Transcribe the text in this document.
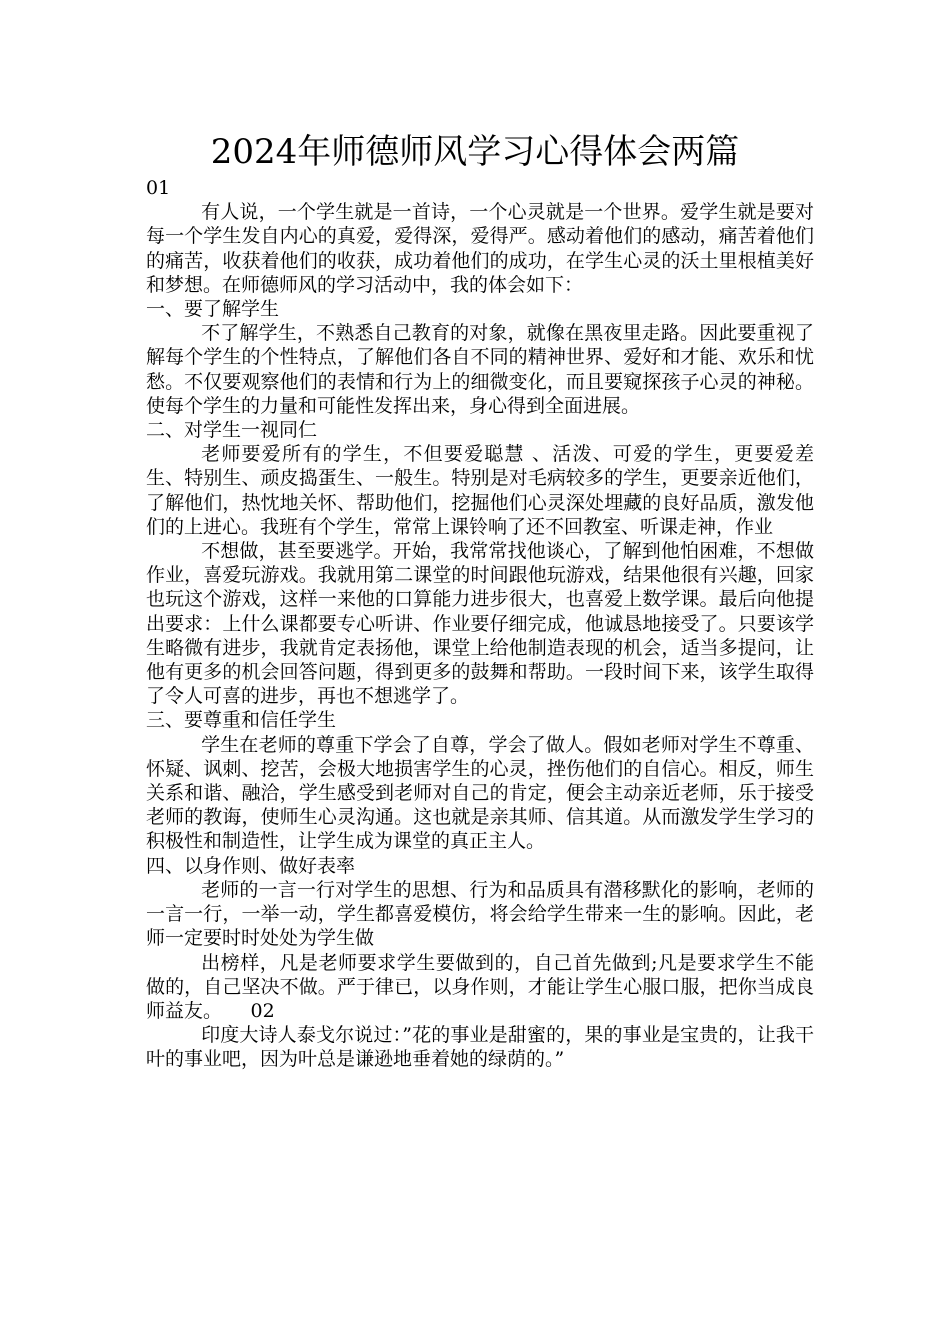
2024年师德师风学习心得体会两篇

01

有人说，一个学生就是一首诗，一个心灵就是一个世界。爱学生就是要对每一个学生发自内心的真爱，爱得深，爱得严。感动着他们的感动，痛苦着他们的痛苦，收获着他们的收获，成功着他们的成功，在学生心灵的沃土里根植美好和梦想。在师德师风的学习活动中，我的体会如下：

一、要了解学生

不了解学生，不熟悉自己教育的对象，就像在黑夜里走路。因此要重视了解每个学生的个性特点，了解他们各自不同的精神世界、爱好和才能、欢乐和忧愁。不仅要观察他们的表情和行为上的细微变化，而且要窥探孩子心灵的神秘。使每个学生的力量和可能性发挥出来，身心得到全面进展。

二、对学生一视同仁

老师要爱所有的学生，不但要爱聪慧 、活泼、可爱的学生，更要爱差生、特别生、顽皮捣蛋生、一般生。特别是对毛病较多的学生，更要亲近他们，了解他们，热忱地关怀、帮助他们，挖掘他们心灵深处埋藏的良好品质，激发他们的上进心。我班有个学生，常常上课铃响了还不回教室、听课走神，作业

不想做，甚至要逃学。开始，我常常找他谈心，了解到他怕困难，不想做作业，喜爱玩游戏。我就用第二课堂的时间跟他玩游戏，结果他很有兴趣，回家也玩这个游戏，这样一来他的口算能力进步很大，也喜爱上数学课。最后向他提出要求：上什么课都要专心听讲、作业要仔细完成，他诚恳地接受了。只要该学生略微有进步，我就肯定表扬他，课堂上给他制造表现的机会，适当多提问，让他有更多的机会回答问题，得到更多的鼓舞和帮助。一段时间下来，该学生取得了令人可喜的进步，再也不想逃学了。

三、要尊重和信任学生

学生在老师的尊重下学会了自尊，学会了做人。假如老师对学生不尊重、怀疑、讽刺、挖苦，会极大地损害学生的心灵，挫伤他们的自信心。相反，师生关系和谐、融洽，学生感受到老师对自己的肯定，便会主动亲近老师，乐于接受老师的教诲，使师生心灵沟通。这也就是亲其师、信其道。从而激发学生学习的积极性和制造性，让学生成为课堂的真正主人。

四、以身作则、做好表率

老师的一言一行对学生的思想、行为和品质具有潜移默化的影响，老师的一言一行，一举一动，学生都喜爱模仿，将会给学生带来一生的影响。因此，老师一定要时时处处为学生做

出榜样，凡是老师要求学生要做到的，自己首先做到;凡是要求学生不能做的，自己坚决不做。严于律已，以身作则，才能让学生心服口服，把你当成良师益友。　　02

印度大诗人泰戈尔说过：”花的事业是甜蜜的，果的事业是宝贵的，让我干叶的事业吧，因为叶总是谦逊地垂着她的绿荫的。”
